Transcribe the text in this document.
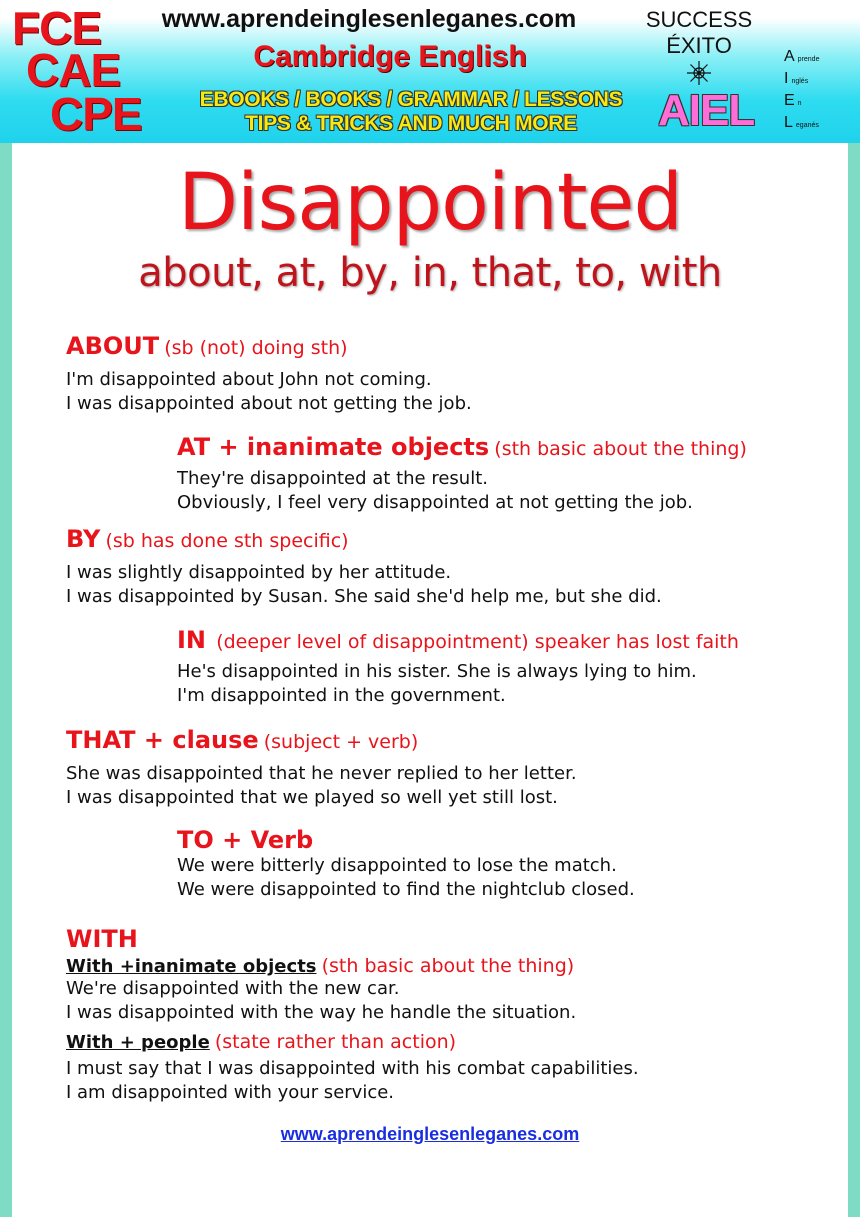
FCE
CAE
CPE
www.aprendeinglesenleganes.com
Cambridge English
EBOOKS / BOOKS / GRAMMAR / LESSONS
TIPS & TRICKS AND MUCH MORE
SUCCESS
ÉXITO
AIEL
Aprende
Inglés
En
Leganés
Disappointed
about, at, by, in, that, to, with
ABOUT (sb (not) doing sth)
I'm disappointed about John not coming.
I was disappointed about not getting the job.
AT + inanimate objects (sth basic about the thing)
They're disappointed at the result.
Obviously, I feel very disappointed at not getting the job.
BY (sb has done sth specific)
I was slightly disappointed by her attitude.
I was disappointed by Susan. She said she'd help me, but she did.
IN (deeper level of disappointment) speaker has lost faith
He's disappointed in his sister. She is always lying to him.
I'm disappointed in the government.
THAT + clause (subject + verb)
She was disappointed that he never replied to her letter.
I was disappointed that we played so well yet still lost.
TO + Verb
We were bitterly disappointed to lose the match.
We were disappointed to find the nightclub closed.
WITH
With +inanimate objects (sth basic about the thing)
We're disappointed with the new car.
I was disappointed with the way he handle the situation.
With + people (state rather than action)
I must say that I was disappointed with his combat capabilities.
I am disappointed with your service.
www.aprendeinglesenleganes.com
